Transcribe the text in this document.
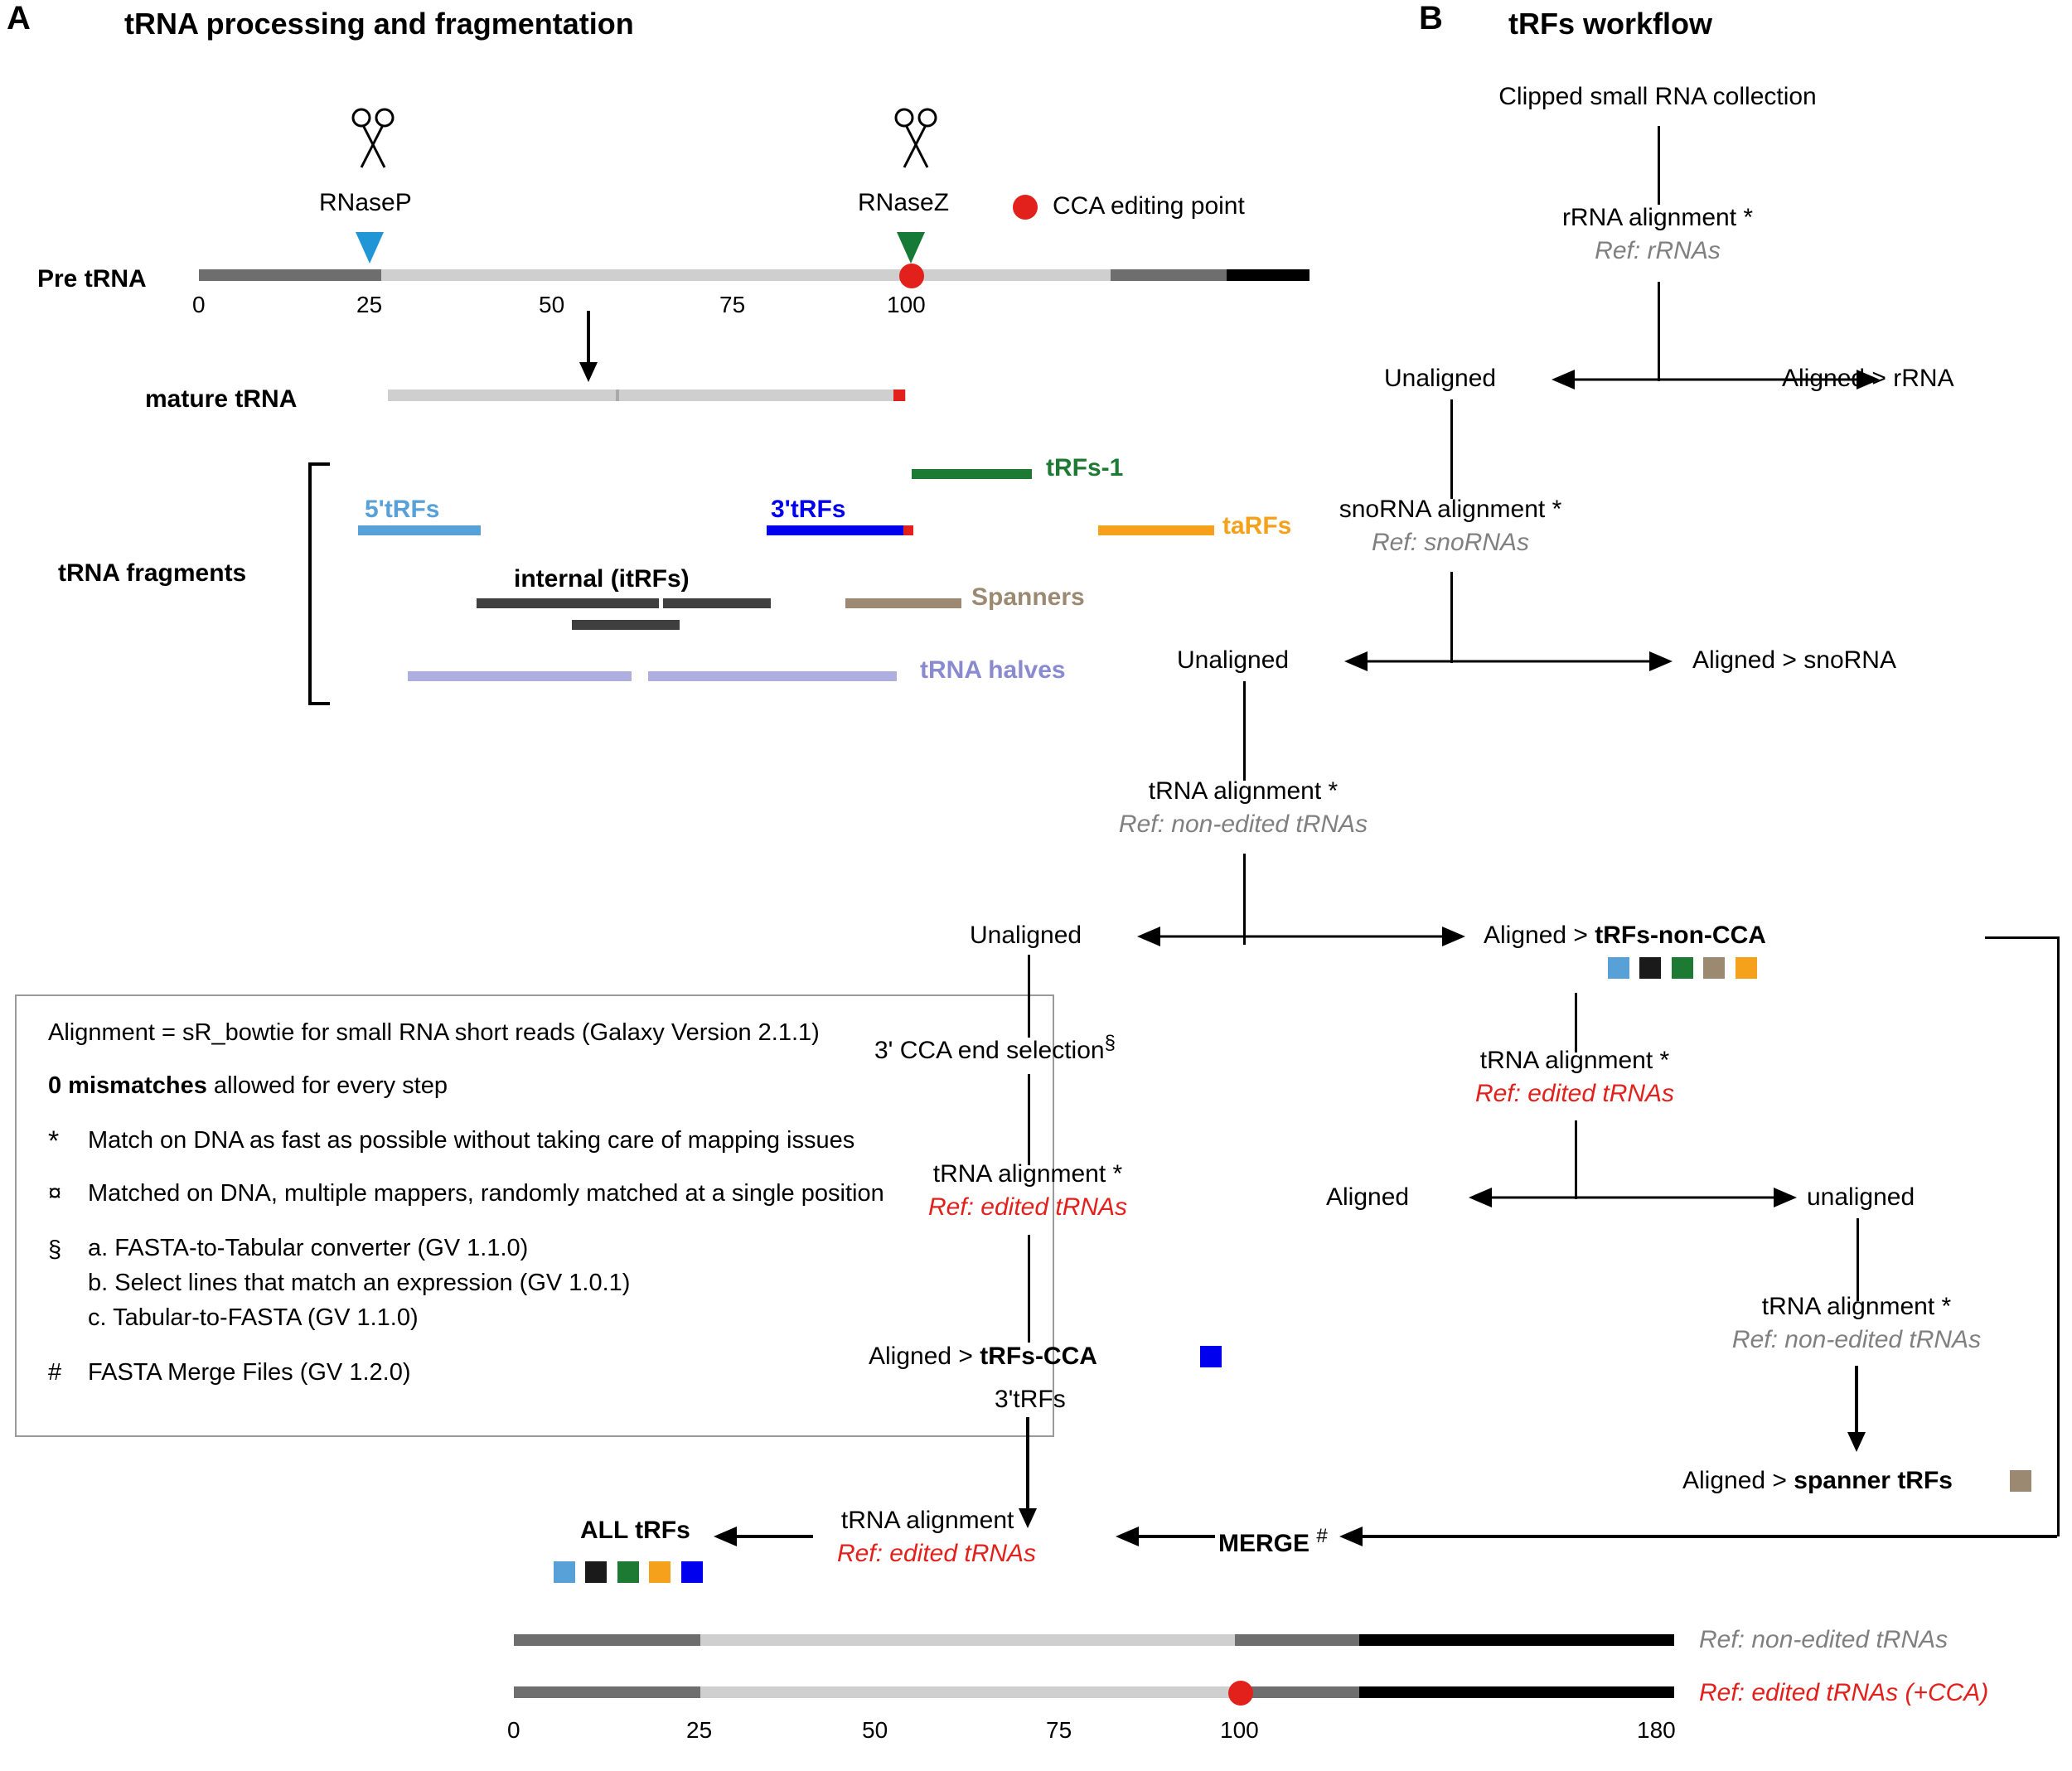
A	tRNA processing and fragmentation
RNaseP	RNaseZ	CCA editing point
Pre tRNA
0	25	50	75	100
mature tRNA
tRNA fragments
tRFs-1
5'tRFs	3'tRFs
taRFs
internal (itRFs)
Spanners
tRNA halves
Alignment = sR_bowtie for small RNA short reads (Galaxy Version 2.1.1)
0 mismatches allowed for every step
*	Match on DNA as fast as possible without taking care of mapping issues
¤	Matched on DNA, multiple mappers, randomly matched at a single position
§	a. FASTA-to-Tabular converter (GV 1.1.0)
b. Select lines that match an expression (GV 1.0.1)
c. Tabular-to-FASTA (GV 1.1.0)
#	FASTA Merge Files (GV 1.2.0)
B tRFs workflow
Clipped small RNA collection
rRNA alignment *
Ref: rRNAs
Unaligned	Aligned > rRNA
snoRNA alignment *
Ref: snoRNAs
Unaligned	Aligned > snoRNA
tRNA alignment *
Ref: non-edited tRNAs
Unaligned	Aligned > tRFs-non-CCA

3' CCA end selection§
tRNA alignment *
Ref: edited tRNAs
Aligned > tRFs-CCA
3'tRFs
tRNA alignment *
Ref: edited tRNAs
Aligned	unaligned
tRNA alignment *
Ref: non-edited tRNAs
Aligned > spanner tRFs
MERGE #
tRNA alignment ¤
Ref: edited tRNAs
ALL tRFs

Ref: non-edited tRNAs
Ref: edited tRNAs (+CCA)
0	25	50	75	100	180
